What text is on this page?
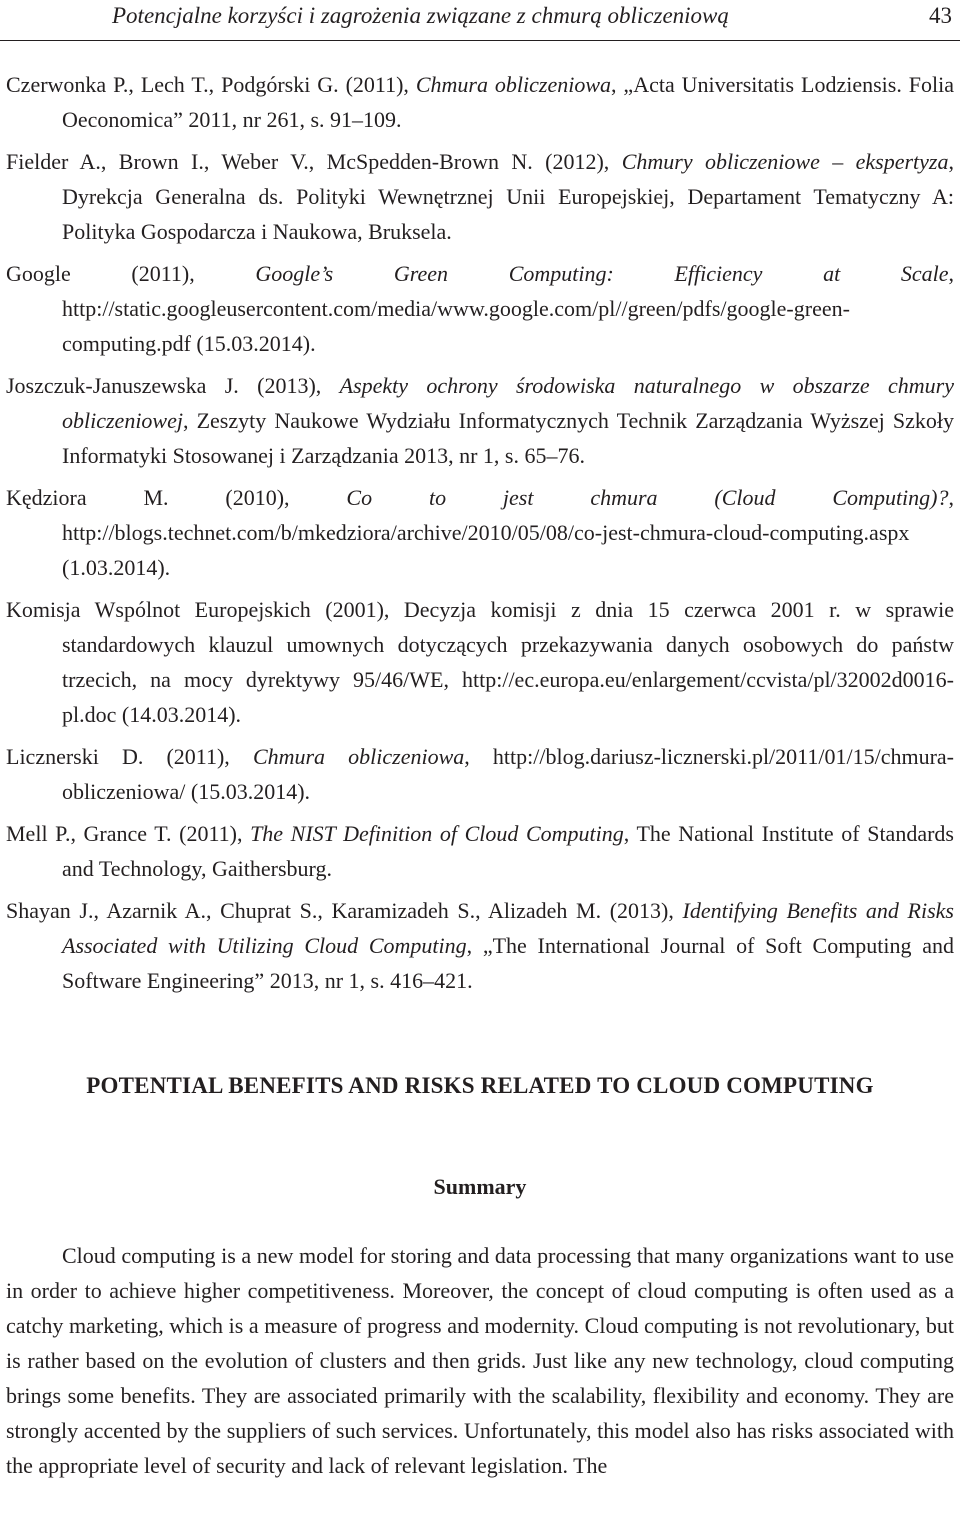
Potencjalne korzyści i zagrożenia związane z chmurą obliczeniową	43

Czerwonka P., Lech T., Podgórski G. (2011), Chmura obliczeniowa, „Acta Universitatis Lodziensis. Folia Oeconomica” 2011, nr 261, s. 91–109.

Fielder A., Brown I., Weber V., McSpedden-Brown N. (2012), Chmury obliczeniowe – ekspertyza, Dyrekcja Generalna ds. Polityki Wewnętrznej Unii Europejskiej, Departament Tematyczny A: Polityka Gospodarcza i Naukowa, Bruksela.

Google (2011), Google’s Green Computing: Efficiency at Scale, http://static.googleusercontent.com/media/www.google.com/pl//green/pdfs/google-green-computing.pdf (15.03.2014).

Joszczuk-Januszewska J. (2013), Aspekty ochrony środowiska naturalnego w obszarze chmury obliczeniowej, Zeszyty Naukowe Wydziału Informatycznych Technik Zarządzania Wyższej Szkoły Informatyki Stosowanej i Zarządzania 2013, nr 1, s. 65–76.

Kędziora M. (2010), Co to jest chmura (Cloud Computing)?, http://blogs.technet.com/b/mkedziora/archive/2010/05/08/co-jest-chmura-cloud-computing.aspx (1.03.2014).

Komisja Wspólnot Europejskich (2001), Decyzja komisji z dnia 15 czerwca 2001 r. w sprawie standardowych klauzul umownych dotyczących przekazywania danych osobowych do państw trzecich, na mocy dyrektywy 95/46/WE, http://ec.europa.eu/enlargement/ccvista/pl/32002d0016-pl.doc (14.03.2014).

Licznerski D. (2011), Chmura obliczeniowa, http://blog.dariusz-licznerski.pl/2011/01/15/chmura-obliczeniowa/ (15.03.2014).

Mell P., Grance T. (2011), The NIST Definition of Cloud Computing, The National Institute of Standards and Technology, Gaithersburg.

Shayan J., Azarnik A., Chuprat S., Karamizadeh S., Alizadeh M. (2013), Identifying Benefits and Risks Associated with Utilizing Cloud Computing, „The International Journal of Soft Computing and Software Engineering” 2013, nr 1, s. 416–421.

POTENTIAL BENEFITS AND RISKS RELATED TO CLOUD COMPUTING
Summary

Cloud computing is a new model for storing and data processing that many organizations want to use in order to achieve higher competitiveness. Moreover, the concept of cloud computing is often used as a catchy marketing, which is a measure of progress and modernity. Cloud computing is not revolutionary, but is rather based on the evolution of clusters and then grids. Just like any new technology, cloud computing brings some benefits. They are associated primarily with the scalability, flexibility and economy. They are strongly accented by the suppliers of such services. Unfortunately, this model also has risks associated with the appropriate level of security and lack of relevant legislation. The
